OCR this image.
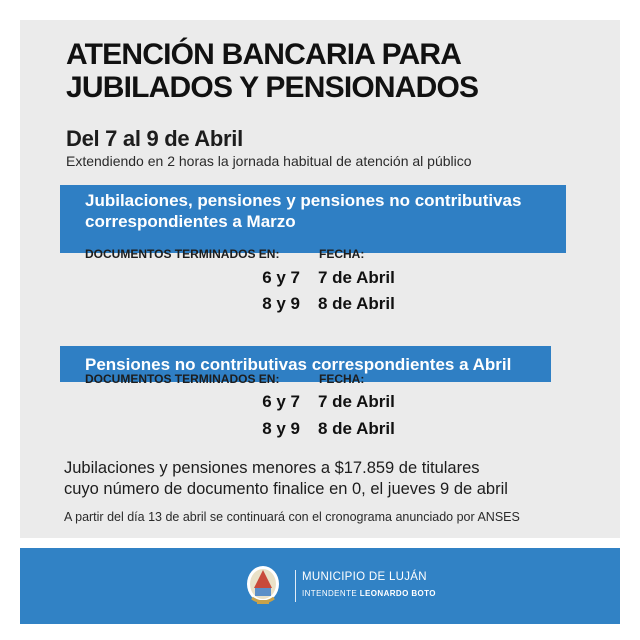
ATENCIÓN BANCARIA PARA
JUBILADOS Y PENSIONADOS
Del 7 al 9 de Abril
Extendiendo en 2 horas la jornada habitual de atención al público
Jubilaciones, pensiones y pensiones no contributivas
correspondientes a Marzo
DOCUMENTOS TERMINADOS EN:	FECHA:
6 y 7 7 de Abril
8 y 9 8 de Abril
Pensiones no contributivas correspondientes a Abril
DOCUMENTOS TERMINADOS EN:	FECHA:
6 y 7 7 de Abril
8 y 9 8 de Abril
Jubilaciones y pensiones menores a $17.859 de titulares
cuyo número de documento finalice en 0, el jueves 9 de abril
A partir del día 13 de abril se continuará con el cronograma anunciado por ANSES
MUNICIPIO DE LUJÁN
INTENDENTE LEONARDO BOTO
